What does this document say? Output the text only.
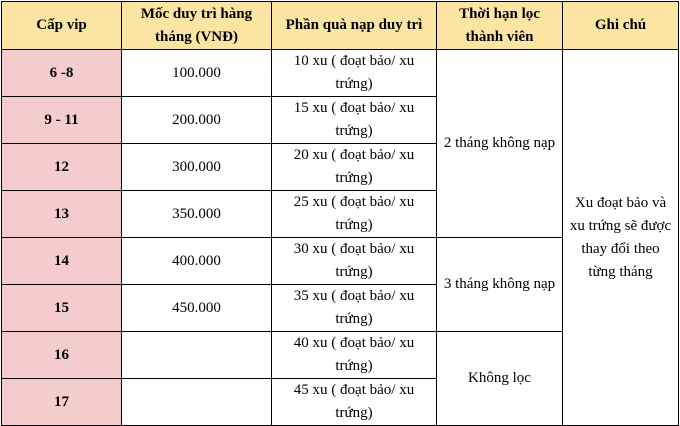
Cấp vip	Mốc duy trì hàng tháng (VNĐ)	Phần quà nạp duy trì	Thời hạn lọc thành viên	Ghi chú
6 -8	100.000	10 xu ( đoạt bảo/ xu trứng)	2 tháng không nạp	Xu đoạt bảo và xu trứng sẽ được thay đổi theo từng tháng
9 - 11	200.000	15 xu ( đoạt bảo/ xu trứng)		
12	300.000	20 xu ( đoạt bảo/ xu trứng)		
13	350.000	25 xu ( đoạt bảo/ xu trứng)		
14	400.000	30 xu ( đoạt bảo/ xu trứng)	3 tháng không nạp	
15	450.000	35 xu ( đoạt bảo/ xu trứng)		
16		40 xu ( đoạt bảo/ xu trứng)	Không lọc	
17		45 xu ( đoạt bảo/ xu trứng)		
